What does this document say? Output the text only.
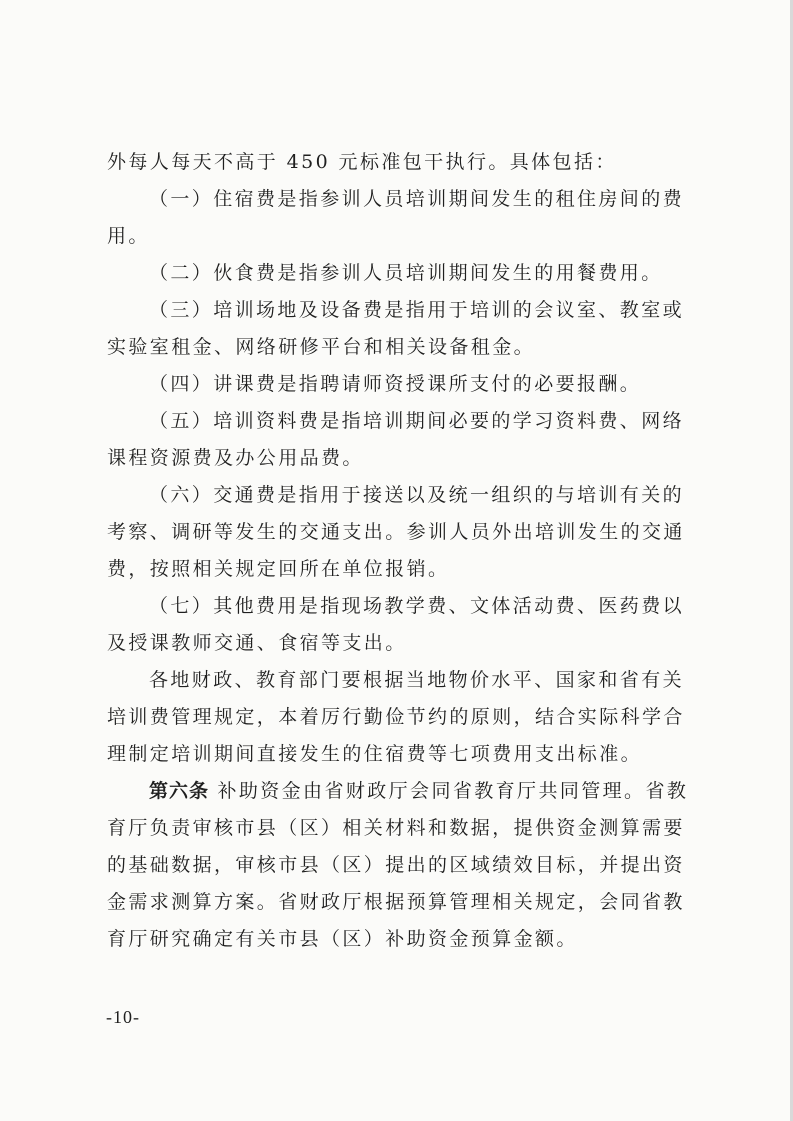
外每人每天不高于 450 元标准包干执行。具体包括：
（一）住宿费是指参训人员培训期间发生的租住房间的费
用。
（二）伙食费是指参训人员培训期间发生的用餐费用。
（三）培训场地及设备费是指用于培训的会议室、教室或
实验室租金、网络研修平台和相关设备租金。
（四）讲课费是指聘请师资授课所支付的必要报酬。
（五）培训资料费是指培训期间必要的学习资料费、网络
课程资源费及办公用品费。
（六）交通费是指用于接送以及统一组织的与培训有关的
考察、调研等发生的交通支出。参训人员外出培训发生的交通
费，按照相关规定回所在单位报销。
（七）其他费用是指现场教学费、文体活动费、医药费以
及授课教师交通、食宿等支出。
各地财政、教育部门要根据当地物价水平、国家和省有关
培训费管理规定，本着厉行勤俭节约的原则，结合实际科学合
理制定培训期间直接发生的住宿费等七项费用支出标准。
第六条 补助资金由省财政厅会同省教育厅共同管理。省教
育厅负责审核市县（区）相关材料和数据，提供资金测算需要
的基础数据，审核市县（区）提出的区域绩效目标，并提出资
金需求测算方案。省财政厅根据预算管理相关规定，会同省教
育厅研究确定有关市县（区）补助资金预算金额。
-10-
